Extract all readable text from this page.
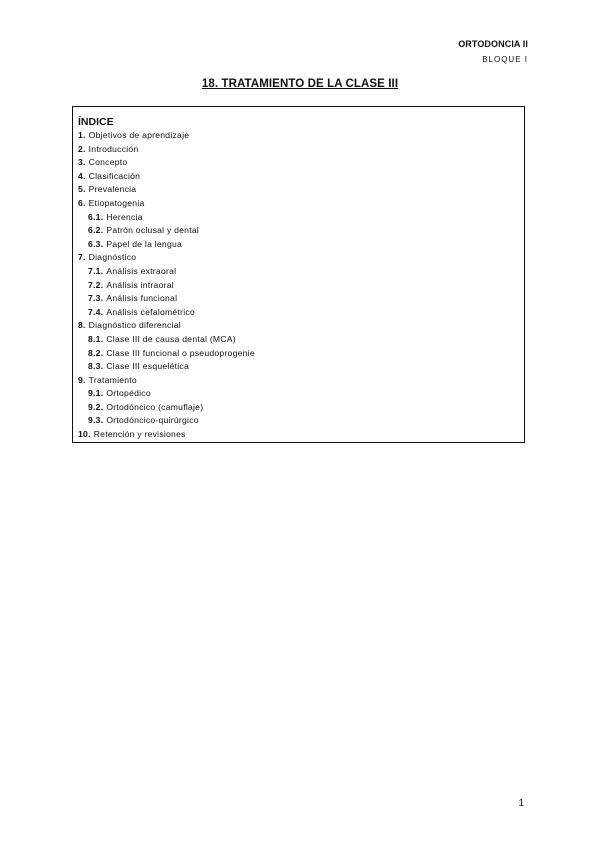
ORTODONCIA II
BLOQUE I
18. TRATAMIENTO DE LA CLASE III
ÍNDICE
1. Objetivos de aprendizaje
2. Introducción
3. Concepto
4. Clasificación
5. Prevalencia
6. Etiopatogenia
6.1. Herencia
6.2. Patrón oclusal y dental
6.3. Papel de la lengua
7. Diagnóstico
7.1. Análisis extraoral
7.2. Análisis intraoral
7.3. Análisis funcional
7.4. Análisis cefalométrico
8. Diagnóstico diferencial
8.1. Clase III de causa dental (MCA)
8.2. Clase III funcional o pseudoprogenie
8.3. Clase III esquelética
9. Tratamiento
9.1. Ortopédico
9.2. Ortodóncico (camuflaje)
9.3. Ortodóncico-quirúrgico
10. Retención y revisiones
1
